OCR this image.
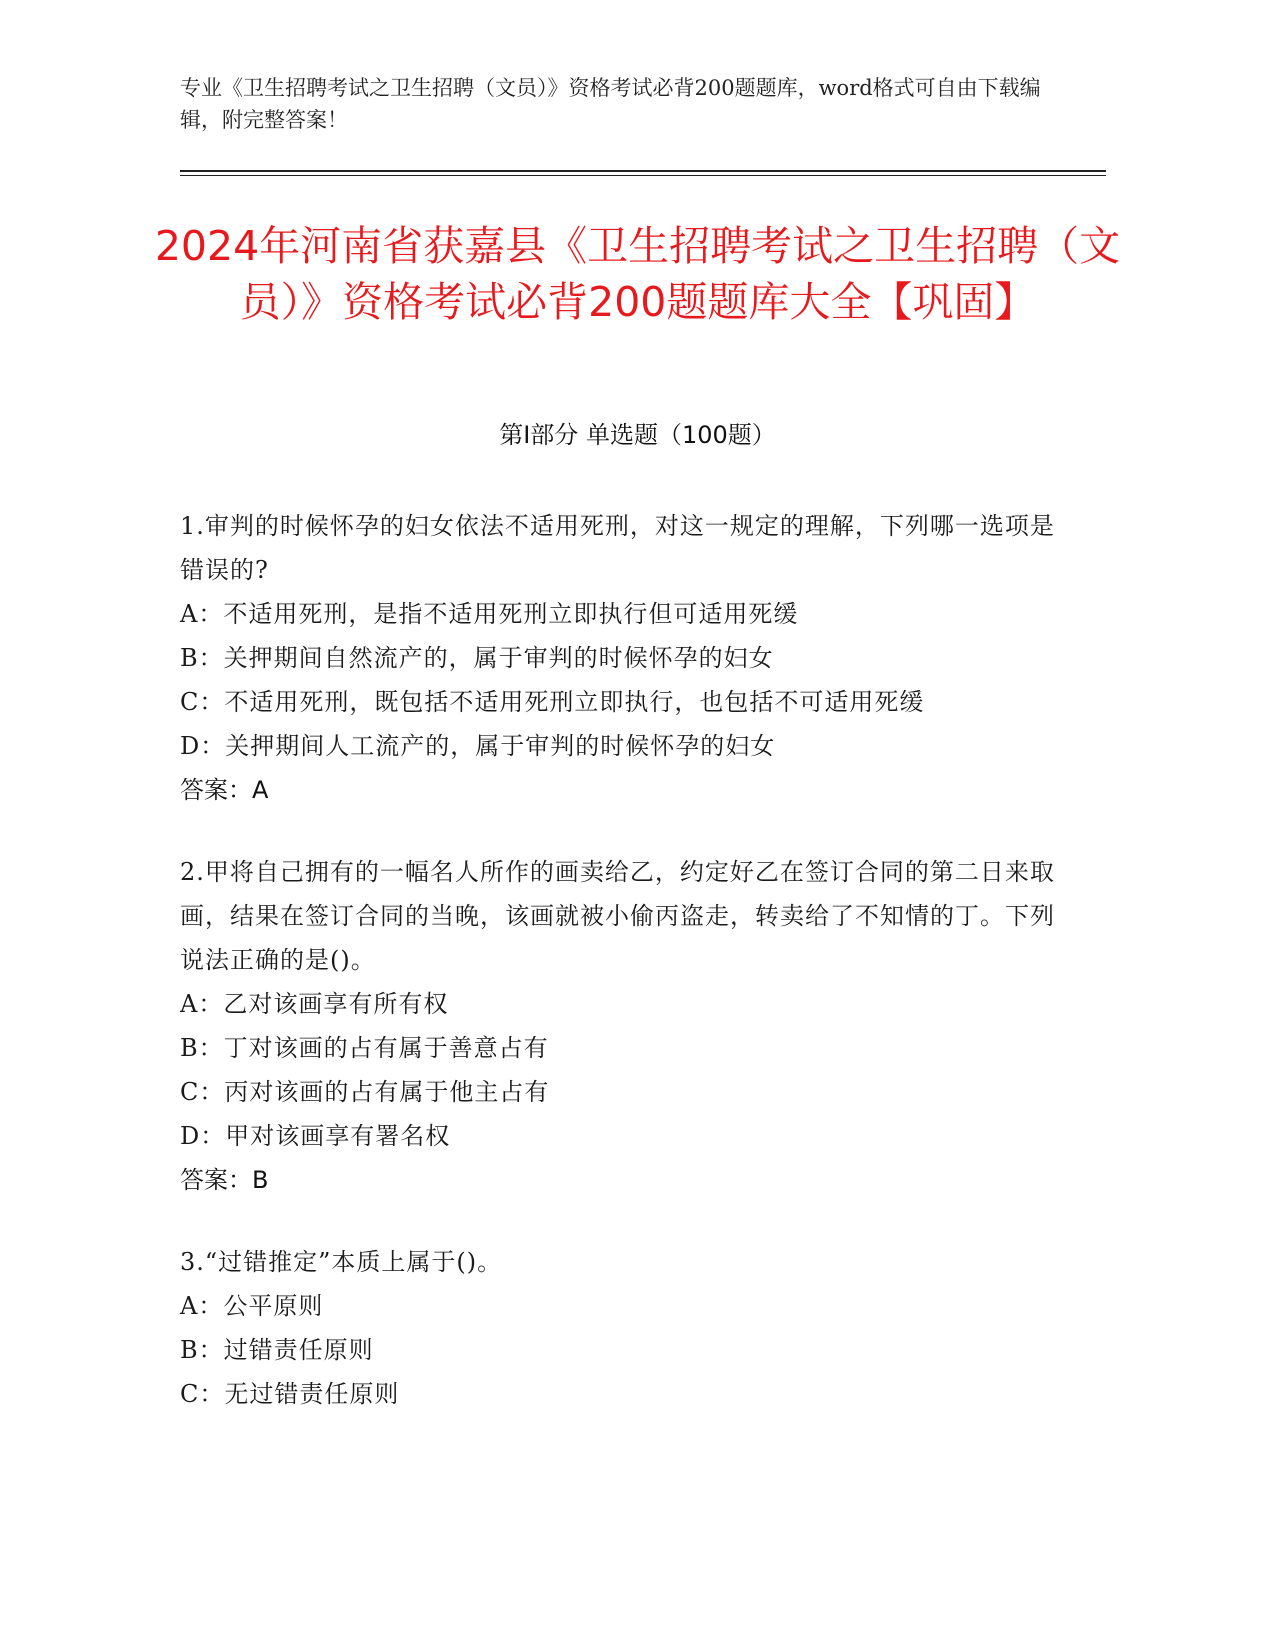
专业《卫生招聘考试之卫生招聘（文员）》资格考试必背200题题库，word格式可自由下载编辑，附完整答案！
2024年河南省获嘉县《卫生招聘考试之卫生招聘（文员）》资格考试必背200题题库大全【巩固】
第Ⅰ部分 单选题（100题）
1.审判的时候怀孕的妇女依法不适用死刑，对这一规定的理解，下列哪一选项是错误的?
A：不适用死刑，是指不适用死刑立即执行但可适用死缓
B：关押期间自然流产的，属于审判的时候怀孕的妇女
C：不适用死刑，既包括不适用死刑立即执行，也包括不可适用死缓
D：关押期间人工流产的，属于审判的时候怀孕的妇女
答案：A
2.甲将自己拥有的一幅名人所作的画卖给乙，约定好乙在签订合同的第二日来取画，结果在签订合同的当晚，该画就被小偷丙盗走，转卖给了不知情的丁。下列说法正确的是()。
A：乙对该画享有所有权
B：丁对该画的占有属于善意占有
C：丙对该画的占有属于他主占有
D：甲对该画享有署名权
答案：B
3.“过错推定”本质上属于()。
A：公平原则
B：过错责任原则
C：无过错责任原则
